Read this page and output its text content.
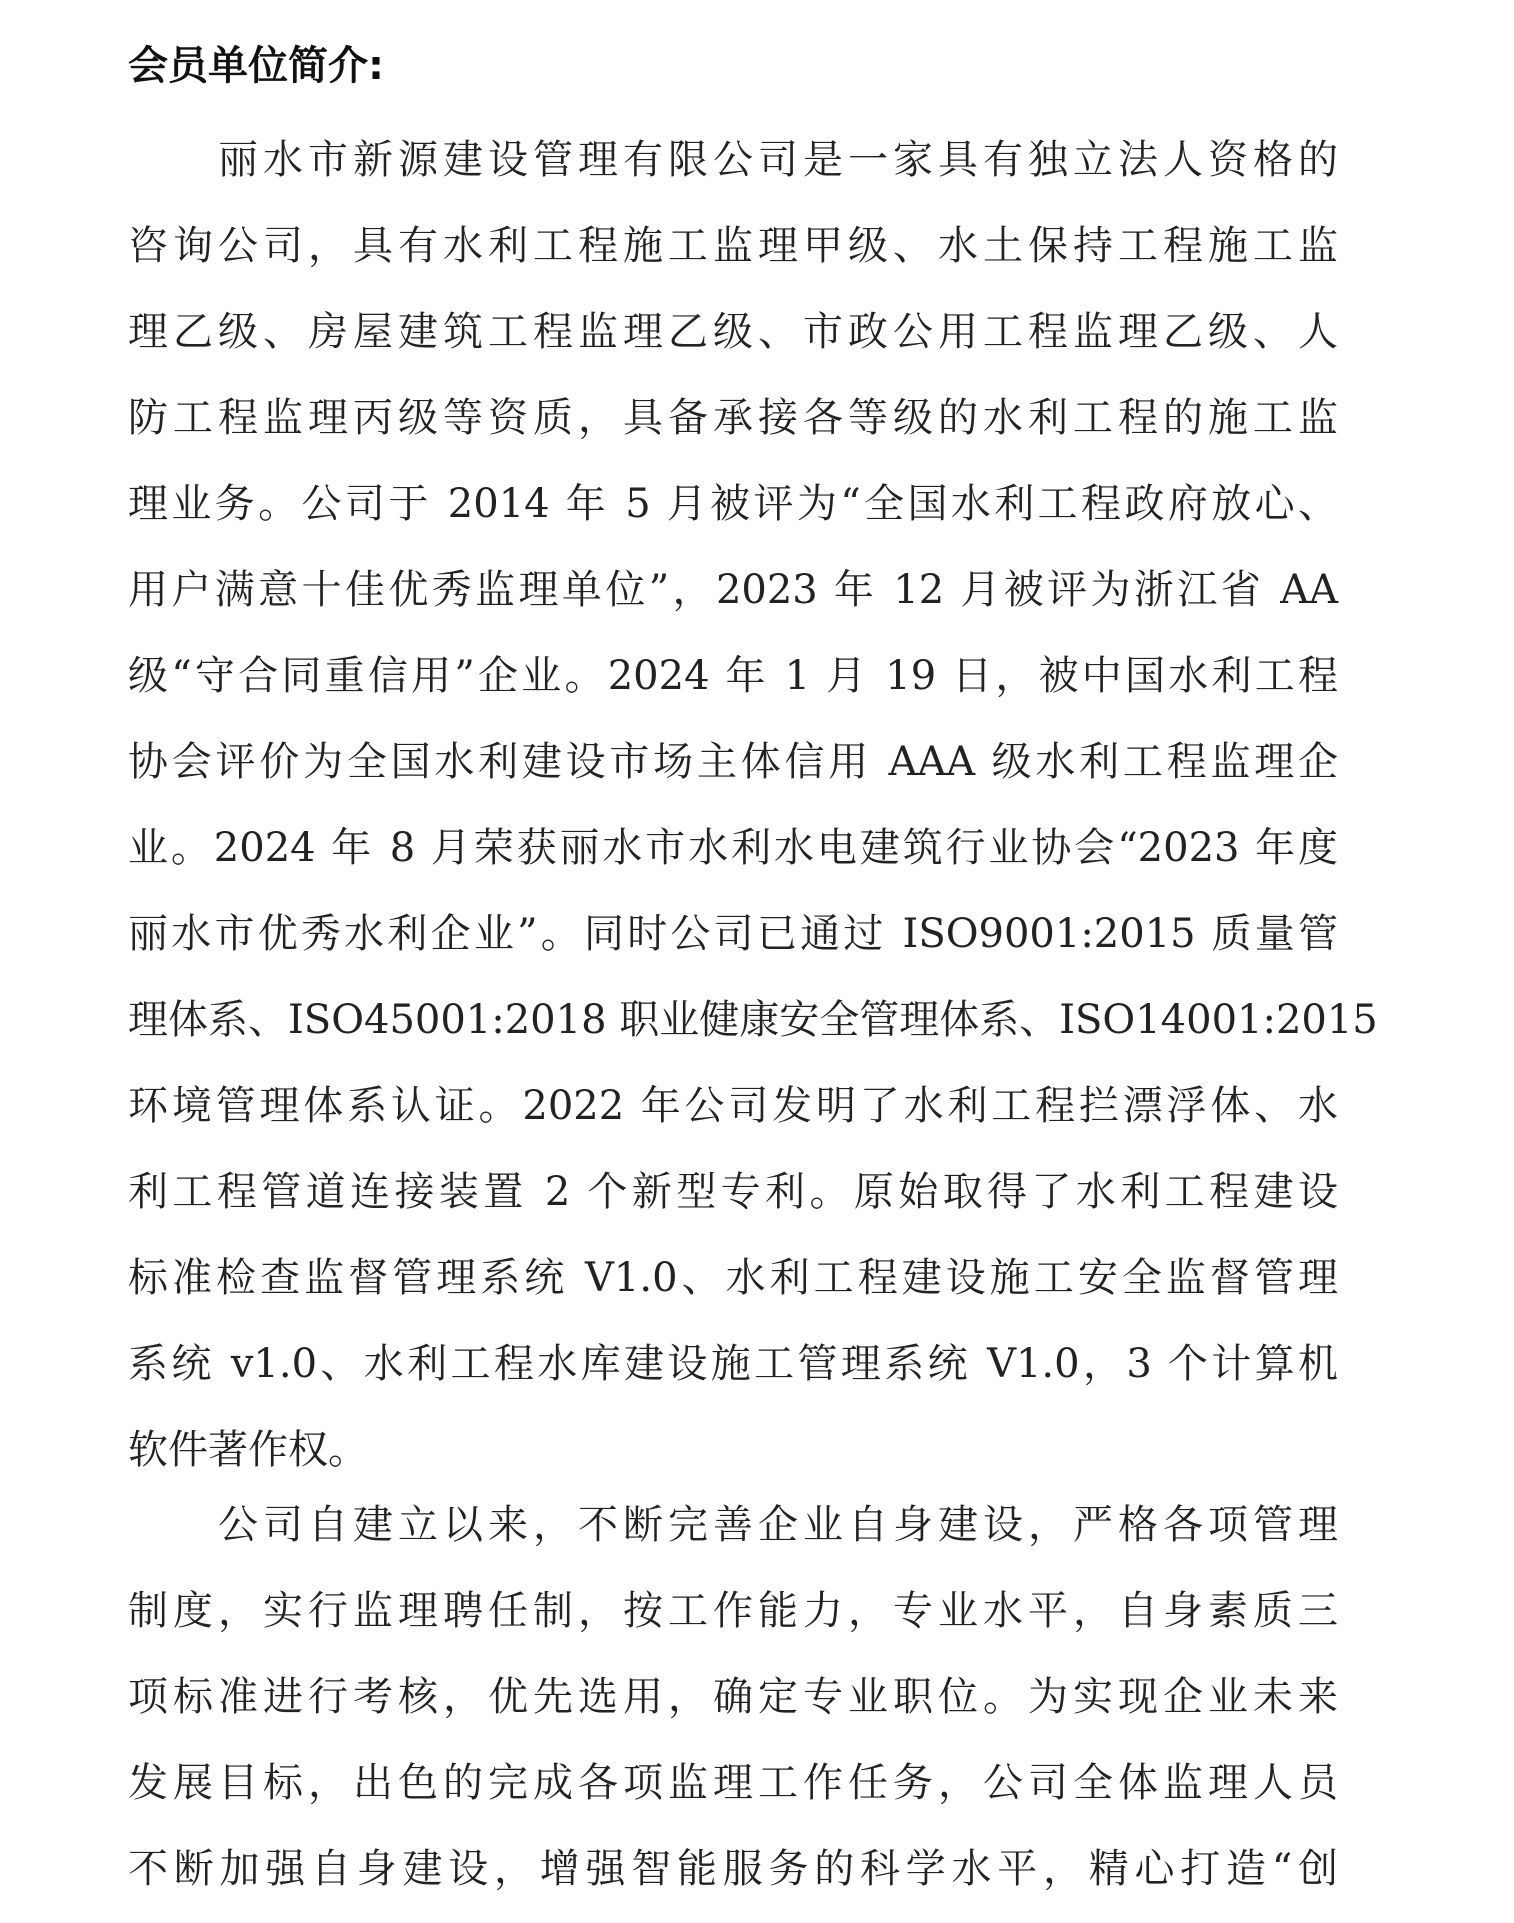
会员单位简介:
丽水市新源建设管理有限公司是一家具有独立法人资格的
咨询公司，具有水利工程施工监理甲级、水土保持工程施工监
理乙级、房屋建筑工程监理乙级、市政公用工程监理乙级、人
防工程监理丙级等资质，具备承接各等级的水利工程的施工监
理业务。公司于 2014 年 5 月被评为“全国水利工程政府放心、
用户满意十佳优秀监理单位”，2023 年 12 月被评为浙江省 AA
级“守合同重信用”企业。2024 年 1 月 19 日，被中国水利工程
协会评价为全国水利建设市场主体信用 AAA 级水利工程监理企
业。2024 年 8 月荣获丽水市水利水电建筑行业协会“2023 年度
丽水市优秀水利企业”。同时公司已通过 ISO9001:2015 质量管
理体系、ISO45001:2018 职业健康安全管理体系、ISO14001:2015
环境管理体系认证。2022 年公司发明了水利工程拦漂浮体、水
利工程管道连接装置 2 个新型专利。原始取得了水利工程建设
标准检查监督管理系统 V1.0、水利工程建设施工安全监督管理
系统 v1.0、水利工程水库建设施工管理系统 V1.0，3 个计算机
软件著作权。
公司自建立以来，不断完善企业自身建设，严格各项管理
制度，实行监理聘任制，按工作能力，专业水平，自身素质三
项标准进行考核，优先选用，确定专业职位。为实现企业未来
发展目标，出色的完成各项监理工作任务，公司全体监理人员
不断加强自身建设，增强智能服务的科学水平，精心打造“创
